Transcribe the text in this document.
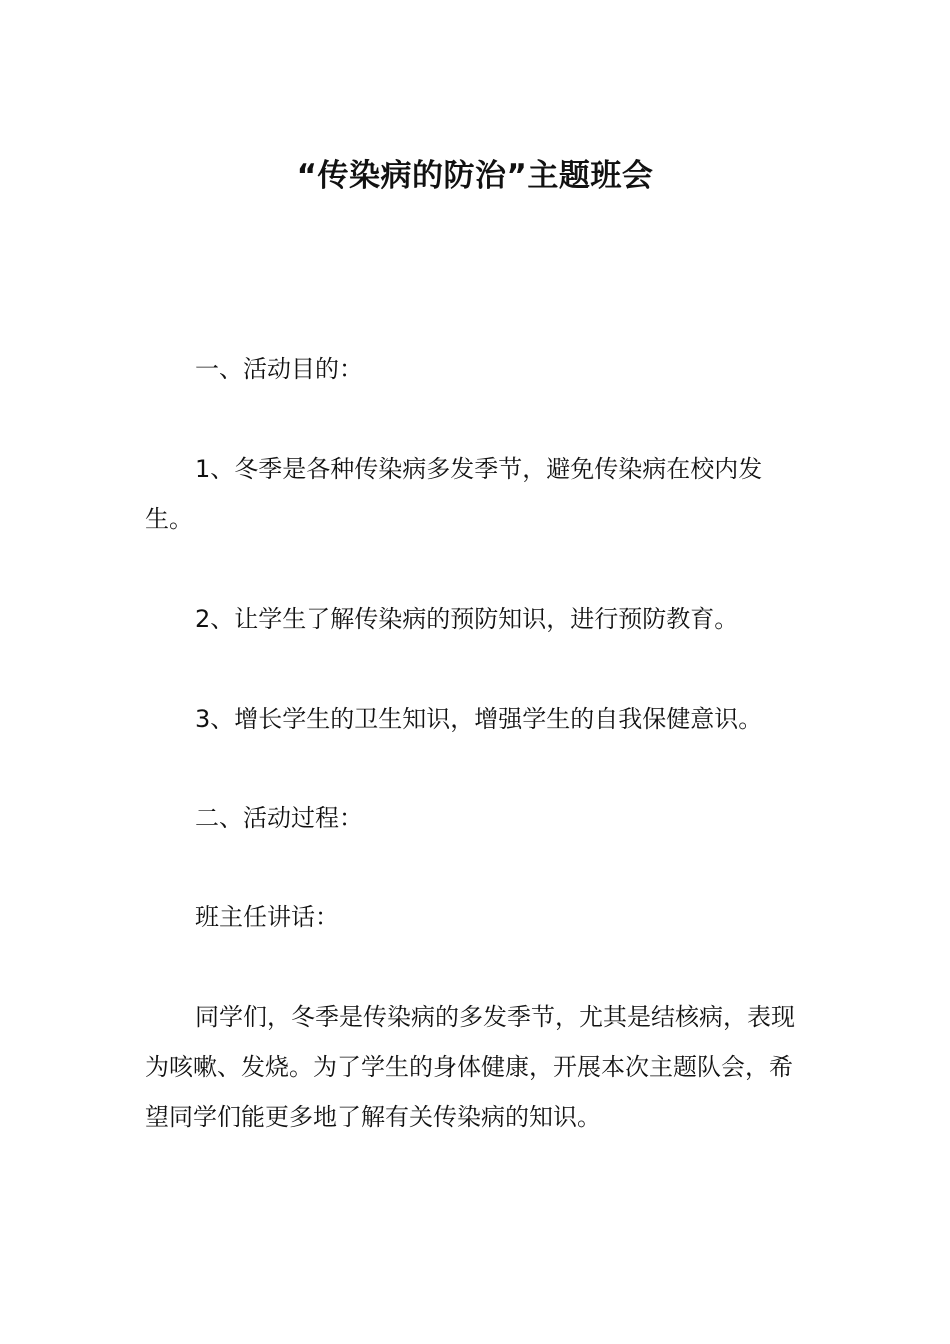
“传染病的防治”主题班会

一、活动目的：

1、冬季是各种传染病多发季节，避免传染病在校内发生。

2、让学生了解传染病的预防知识，进行预防教育。

3、增长学生的卫生知识，增强学生的自我保健意识。

二、活动过程：

班主任讲话：

同学们，冬季是传染病的多发季节，尤其是结核病，表现为咳嗽、发烧。为了学生的身体健康，开展本次主题队会，希望同学们能更多地了解有关传染病的知识。
